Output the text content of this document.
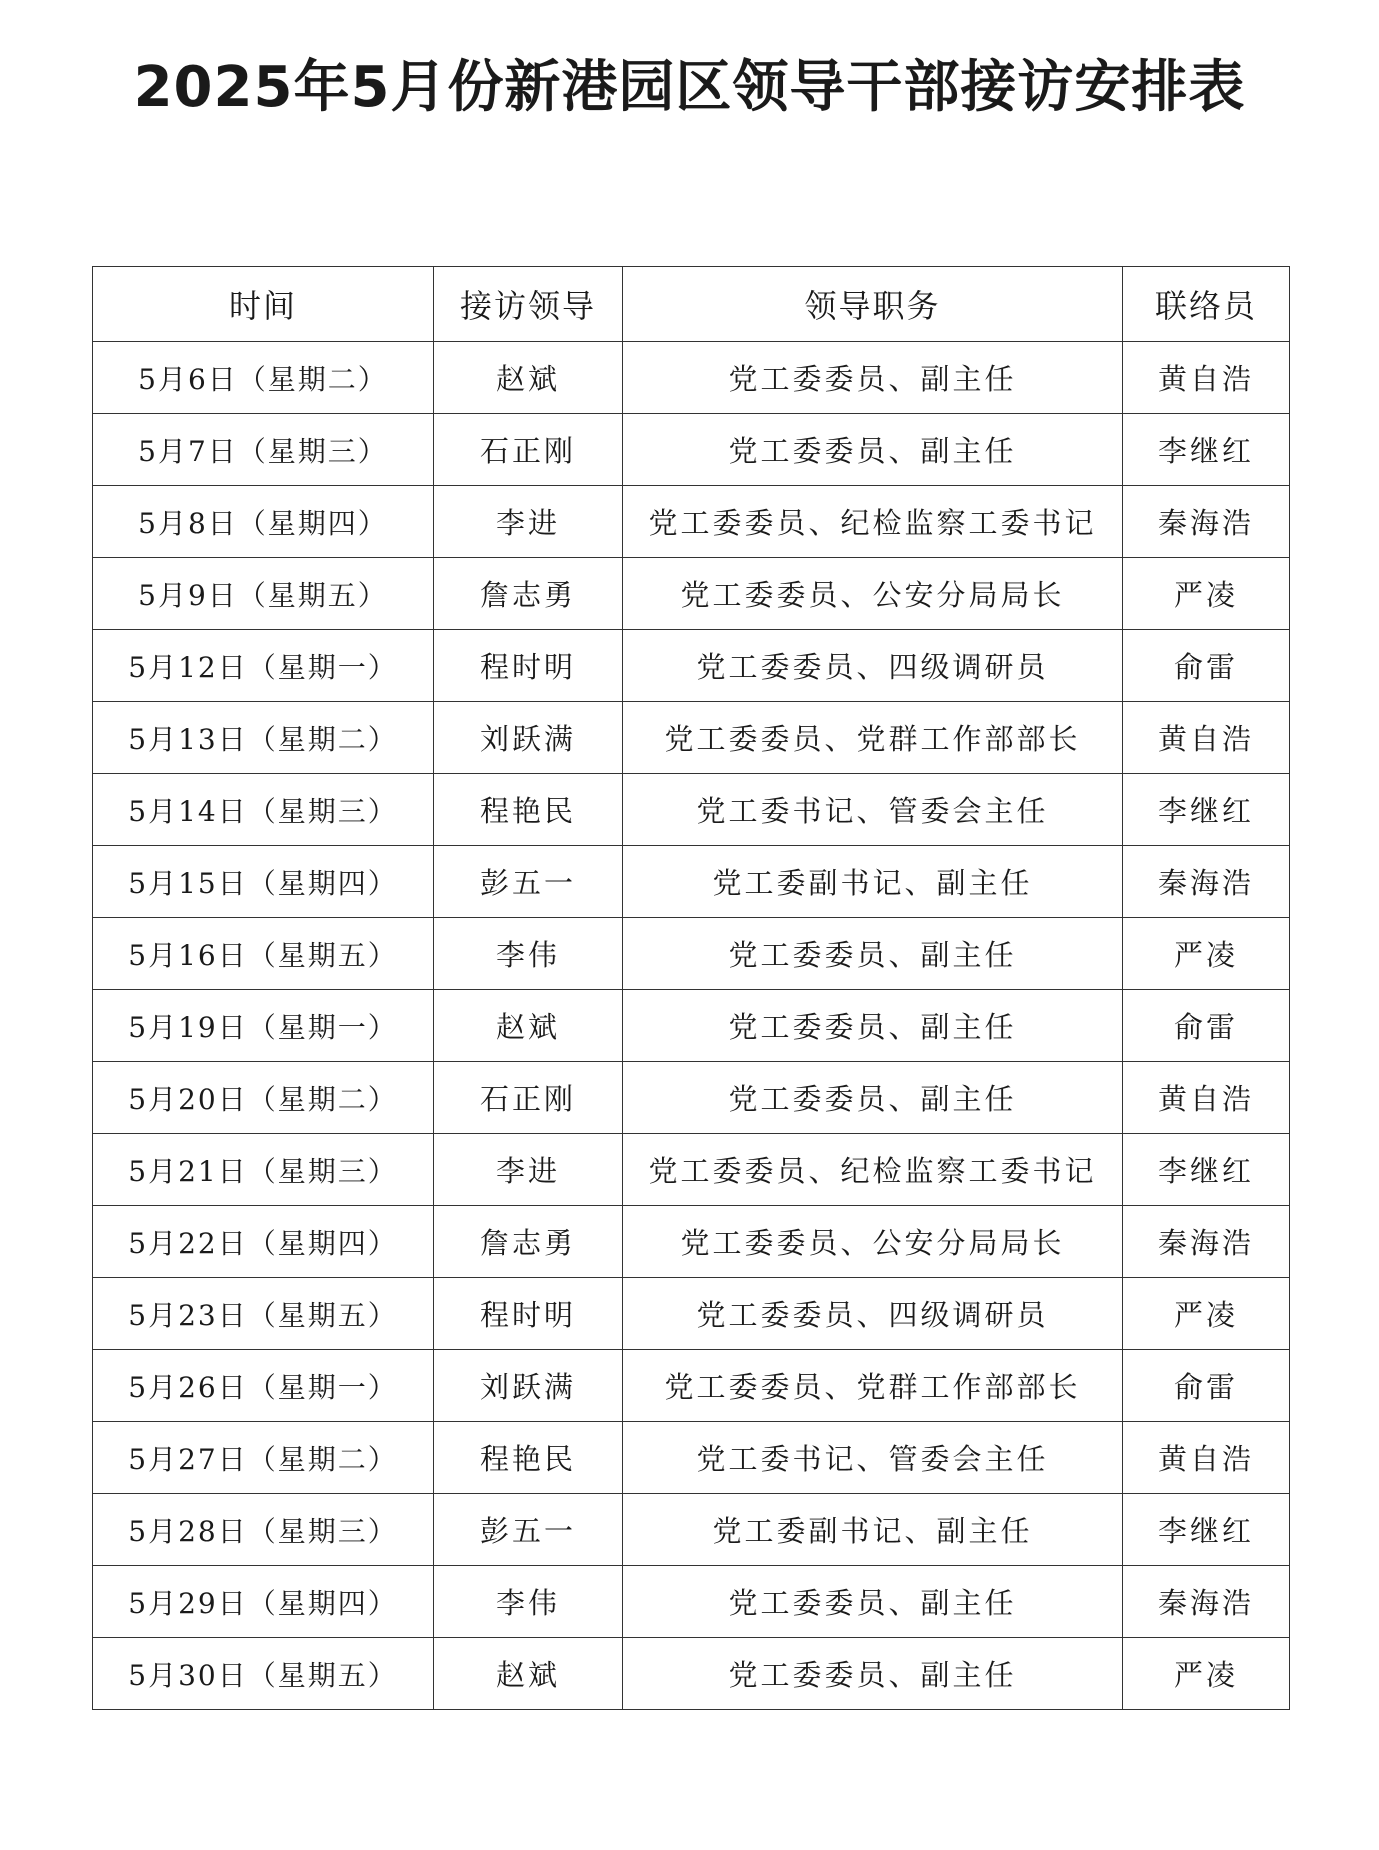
2025年5月份新港园区领导干部接访安排表
时间	接访领导	领导职务	联络员
5月6日（星期二）	赵斌	党工委委员、副主任	黄自浩
5月7日（星期三）	石正刚	党工委委员、副主任	李继红
5月8日（星期四）	李进	党工委委员、纪检监察工委书记	秦海浩
5月9日（星期五）	詹志勇	党工委委员、公安分局局长	严凌
5月12日（星期一）	程时明	党工委委员、四级调研员	俞雷
5月13日（星期二）	刘跃满	党工委委员、党群工作部部长	黄自浩
5月14日（星期三）	程艳民	党工委书记、管委会主任	李继红
5月15日（星期四）	彭五一	党工委副书记、副主任	秦海浩
5月16日（星期五）	李伟	党工委委员、副主任	严凌
5月19日（星期一）	赵斌	党工委委员、副主任	俞雷
5月20日（星期二）	石正刚	党工委委员、副主任	黄自浩
5月21日（星期三）	李进	党工委委员、纪检监察工委书记	李继红
5月22日（星期四）	詹志勇	党工委委员、公安分局局长	秦海浩
5月23日（星期五）	程时明	党工委委员、四级调研员	严凌
5月26日（星期一）	刘跃满	党工委委员、党群工作部部长	俞雷
5月27日（星期二）	程艳民	党工委书记、管委会主任	黄自浩
5月28日（星期三）	彭五一	党工委副书记、副主任	李继红
5月29日（星期四）	李伟	党工委委员、副主任	秦海浩
5月30日（星期五）	赵斌	党工委委员、副主任	严凌
